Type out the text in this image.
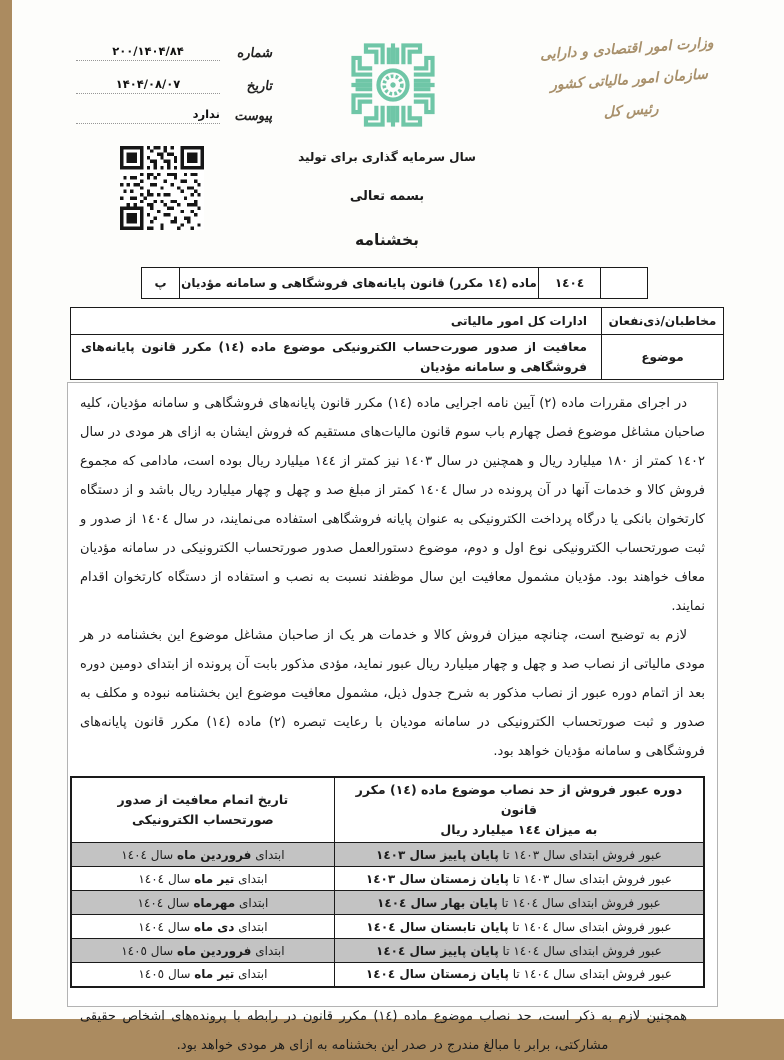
شماره
۲۰۰/۱۴۰۴/۸۴
تاریخ
۱۴۰۴/۰۸/۰۷
پیوست
ندارد
وزارت امور اقتصادی و دارایی
سازمان امور مالیاتی کشور
رئیس کل
سال سرمایه گذاری برای تولید
بسمه تعالی
بخشنامه
	١٤٠٤	ماده (١٤ مکرر) قانون پایانه‌های فروشگاهی و سامانه مؤدیان	پ
مخاطبان/ذی‌نفعان	ادارات کل امور مالیاتی
موضوع	معافیت از صدور صورت‌حساب الکترونیکی موضوع ماده (١٤) مکرر قانون پایانه‌های فروشگاهی و سامانه مؤدیان

در اجرای مقررات ماده (٢) آیین نامه اجرایی ماده (١٤) مکرر قانون پایانه‌های فروشگاهی و سامانه مؤدیان، کلیه صاحبان مشاغل موضوع فصل چهارم باب سوم قانون مالیات‌های مستقیم که فروش ایشان به ازای هر مودی در سال ١٤٠٢ کمتر از ١٨٠ میلیارد ریال و همچنین در سال ١٤٠٣ نیز کمتر از ١٤٤ میلیارد ریال بوده است، مادامی که مجموع فروش کالا و خدمات آنها در آن پرونده در سال ١٤٠٤ کمتر از مبلغ صد و چهل و چهار میلیارد ریال باشد و از دستگاه کارتخوان بانکی یا درگاه پرداخت الکترونیکی به عنوان پایانه فروشگاهی استفاده می‌نمایند، در سال ١٤٠٤ از صدور و ثبت صورتحساب الکترونیکی نوع اول و دوم، موضوع دستورالعمل صدور صورتحساب الکترونیکی در سامانه مؤدیان معاف خواهند بود. مؤدیان مشمول معافیت این سال موظفند نسبت به نصب و استفاده از دستگاه کارتخوان اقدام نمایند.

لازم به توضیح است، چنانچه میزان فروش کالا و خدمات هر یک از صاحبان مشاغل موضوع این بخشنامه در هر مودی مالیاتی از نصاب صد و چهل و چهار میلیارد ریال عبور نماید، مؤدی مذکور بابت آن پرونده از ابتدای دومین دوره بعد از اتمام دوره عبور از نصاب مذکور به شرح جدول ذیل، مشمول معافیت موضوع این بخشنامه نبوده و مکلف به صدور و ثبت صورتحساب الکترونیکی در سامانه مودیان با رعایت تبصره (٢) ماده (١٤) مکرر قانون پایانه‌های فروشگاهی و سامانه مؤدیان خواهد بود.

دوره عبور فروش از حد نصاب موضوع ماده (١٤) مکرر قانون
به میزان ١٤٤ میلیارد ریال

تاریخ اتمام معافیت از صدور
صورتحساب الکترونیکی

عبور فروش ابتدای سال ١٤٠٣ تا پایان پاییز سال ١٤٠٣	ابتدای فروردین ماه سال ١٤٠٤
عبور فروش ابتدای سال ١٤٠٣ تا پایان زمستان سال ١٤٠٣	ابتدای تیر ماه سال ١٤٠٤
عبور فروش ابتدای سال ١٤٠٤ تا پایان بهار سال ١٤٠٤	ابتدای مهرماه سال ١٤٠٤
عبور فروش ابتدای سال ١٤٠٤ تا پایان تابستان سال ١٤٠٤	ابتدای دی ماه سال ١٤٠٤
عبور فروش ابتدای سال ١٤٠٤ تا پایان پاییز سال ١٤٠٤	ابتدای فروردین ماه سال ١٤٠٥
عبور فروش ابتدای سال ١٤٠٤ تا پایان زمستان سال ١٤٠٤	ابتدای تیر ماه سال ١٤٠٥

همچنین لازم به ذکر است، حد نصاب موضوع ماده (١٤) مکرر قانون در رابطه با پرونده‌های اشخاص حقیقی مشارکتی، برابر با مبالغ مندرج در صدر این بخشنامه به ازای هر مودی خواهد بود.
